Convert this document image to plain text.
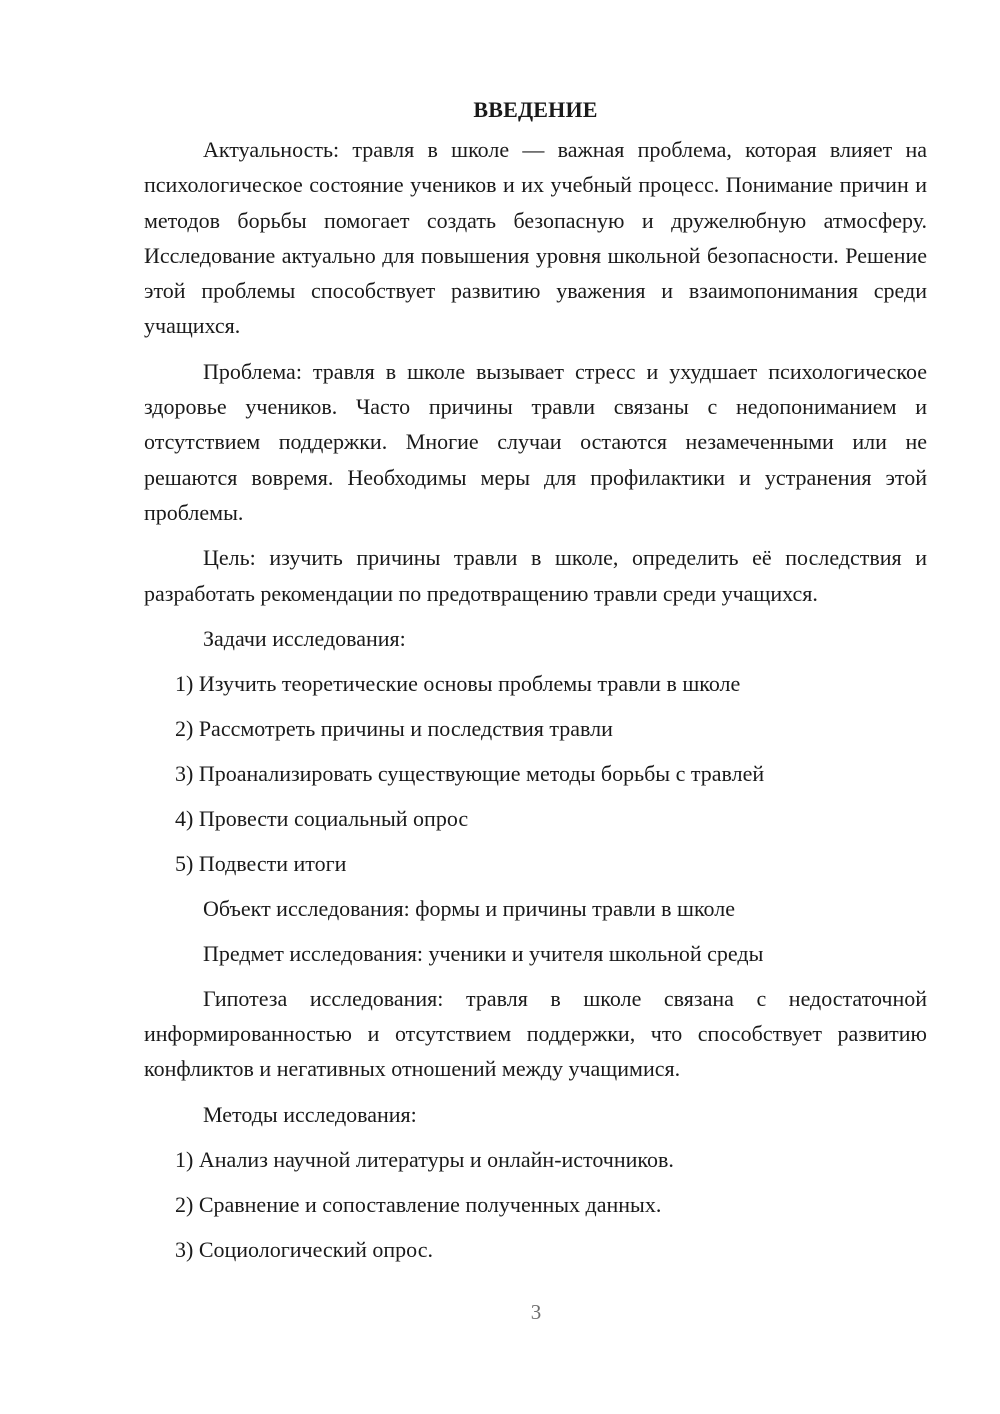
ВВЕДЕНИЕ

Актуальность: травля в школе — важная проблема, которая влияет на психологическое состояние учеников и их учебный процесс. Понимание причин и методов борьбы помогает создать безопасную и дружелюбную атмосферу. Исследование актуально для повышения уровня школьной безопасности. Решение этой проблемы способствует развитию уважения и взаимопонимания среди учащихся.

Проблема: травля в школе вызывает стресс и ухудшает психологическое здоровье учеников. Часто причины травли связаны с недопониманием и отсутствием поддержки. Многие случаи остаются незамеченными или не решаются вовремя. Необходимы меры для профилактики и устранения этой проблемы.

Цель: изучить причины травли в школе, определить её последствия и разработать рекомендации по предотвращению травли среди учащихся.

Задачи исследования:
1) Изучить теоретические основы проблемы травли в школе
2) Рассмотреть причины и последствия травли
3) Проанализировать существующие методы борьбы с травлей
4) Провести социальный опрос
5) Подвести итоги
Объект исследования: формы и причины травли в школе
Предмет исследования: ученики и учителя школьной среды

Гипотеза исследования: травля в школе связана с недостаточной информированностью и отсутствием поддержки, что способствует развитию конфликтов и негативных отношений между учащимися.

Методы исследования:
1) Анализ научной литературы и онлайн-источников.
2) Сравнение и сопоставление полученных данных.
3) Социологический опрос.
3
